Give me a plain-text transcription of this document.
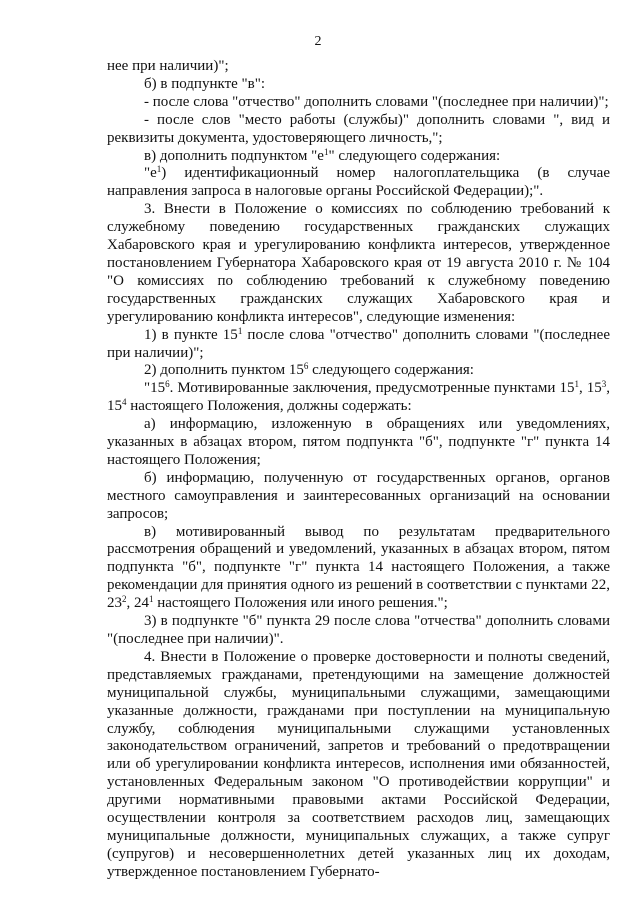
2

нее при наличии)";

б) в подпункте "в":

- после слова "отчество" дополнить словами "(последнее при наличии)";

- после слов "место работы (службы)" дополнить словами ", вид и реквизиты документа, удостоверяющего личность,";

в) дополнить подпунктом "$е^1$" следующего содержания:

"$е^1$) идентификационный номер налогоплательщика (в случае направления запроса в налоговые органы Российской Федерации);".

3. Внести в Положение о комиссиях по соблюдению требований к служебному поведению государственных гражданских служащих Хабаровского края и урегулированию конфликта интересов, утвержденное постановлением Губернатора Хабаровского края от 19 августа 2010 г. № 104 "О комиссиях по соблюдению требований к служебному поведению государственных гражданских служащих Хабаровского края и урегулированию конфликта интересов", следующие изменения:

1) в пункте $15^1$ после слова "отчество" дополнить словами "(последнее при наличии)";

2) дополнить пунктом $15^6$ следующего содержания:

"$15^6$. Мотивированные заключения, предусмотренные пунктами $15^1$, $15^3$, $15^4$ настоящего Положения, должны содержать:

а) информацию, изложенную в обращениях или уведомлениях, указанных в абзацах втором, пятом подпункта "б", подпункте "г" пункта 14 настоящего Положения;

б) информацию, полученную от государственных органов, органов местного самоуправления и заинтересованных организаций на основании запросов;

в) мотивированный вывод по результатам предварительного рассмотрения обращений и уведомлений, указанных в абзацах втором, пятом подпункта "б", подпункте "г" пункта 14 настоящего Положения, а также рекомендации для принятия одного из решений в соответствии с пунктами 22, $23^2$, $24^1$ настоящего Положения или иного решения.";

3) в подпункте "б" пункта 29 после слова "отчества" дополнить словами "(последнее при наличии)".

4. Внести в Положение о проверке достоверности и полноты сведений, представляемых гражданами, претендующими на замещение должностей муниципальной службы, муниципальными служащими, замещающими указанные должности, гражданами при поступлении на муниципальную службу, соблюдения муниципальными служащими установленных законодательством ограничений, запретов и требований о предотвращении или об урегулировании конфликта интересов, исполнения ими обязанностей, установленных Федеральным законом "О противодействии коррупции" и другими нормативными правовыми актами Российской Федерации, осуществлении контроля за соответствием расходов лиц, замещающих муниципальные должности, муниципальных служащих, а также супруг (супругов) и несовершеннолетних детей указанных лиц их доходам, утвержденное постановлением Губернато-
